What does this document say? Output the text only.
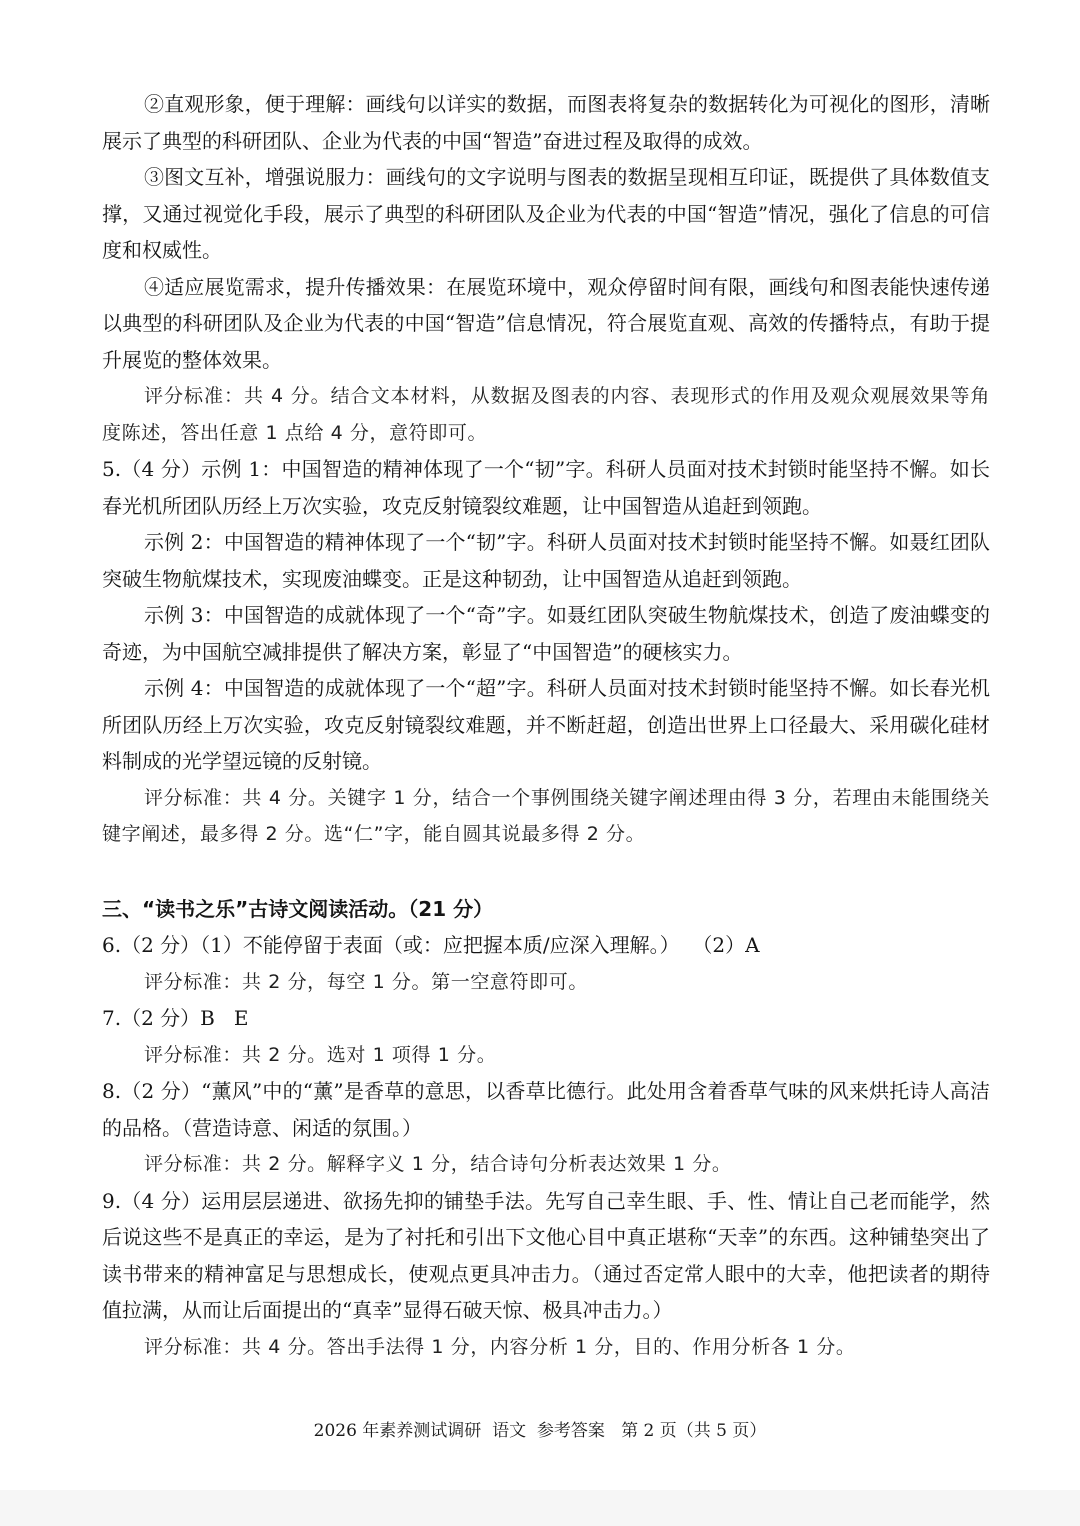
②直观形象，便于理解：画线句以详实的数据，而图表将复杂的数据转化为可视化的图形，清晰展示了典型的科研团队、企业为代表的中国“智造”奋进过程及取得的成效。

③图文互补，增强说服力：画线句的文字说明与图表的数据呈现相互印证，既提供了具体数值支撑，又通过视觉化手段，展示了典型的科研团队及企业为代表的中国“智造”情况，强化了信息的可信度和权威性。

④适应展览需求，提升传播效果：在展览环境中，观众停留时间有限，画线句和图表能快速传递以典型的科研团队及企业为代表的中国“智造”信息情况，符合展览直观、高效的传播特点，有助于提升展览的整体效果。

评分标准：共 4 分。结合文本材料，从数据及图表的内容、表现形式的作用及观众观展效果等角度陈述，答出任意 1 点给 4 分，意符即可。

5.（4 分）示例 1：中国智造的精神体现了一个“韧”字。科研人员面对技术封锁时能坚持不懈。如长春光机所团队历经上万次实验，攻克反射镜裂纹难题，让中国智造从追赶到领跑。

示例 2：中国智造的精神体现了一个“韧”字。科研人员面对技术封锁时能坚持不懈。如聂红团队突破生物航煤技术，实现废油蝶变。正是这种韧劲，让中国智造从追赶到领跑。

示例 3：中国智造的成就体现了一个“奇”字。如聂红团队突破生物航煤技术，创造了废油蝶变的奇迹，为中国航空减排提供了解决方案，彰显了“中国智造”的硬核实力。

示例 4：中国智造的成就体现了一个“超”字。科研人员面对技术封锁时能坚持不懈。如长春光机所团队历经上万次实验，攻克反射镜裂纹难题，并不断赶超，创造出世界上口径最大、采用碳化硅材料制成的光学望远镜的反射镜。

评分标准：共 4 分。关键字 1 分，结合一个事例围绕关键字阐述理由得 3 分，若理由未能围绕关键字阐述，最多得 2 分。选“仁”字，能自圆其说最多得 2 分。

三、“读书之乐”古诗文阅读活动。（21 分）

6.（2 分）（1）不能停留于表面（或：应把握本质/应深入理解。）  （2）A

评分标准：共 2 分，每空 1 分。第一空意符即可。

7.（2 分）B   E

评分标准：共 2 分。选对 1 项得 1 分。

8.（2 分）“薰风”中的“薰”是香草的意思，以香草比德行。此处用含着香草气味的风来烘托诗人高洁的品格。（营造诗意、闲适的氛围。）

评分标准：共 2 分。解释字义 1 分，结合诗句分析表达效果 1 分。

9.（4 分）运用层层递进、欲扬先抑的铺垫手法。先写自己幸生眼、手、性、情让自己老而能学，然后说这些不是真正的幸运，是为了衬托和引出下文他心目中真正堪称“天幸”的东西。这种铺垫突出了读书带来的精神富足与思想成长，使观点更具冲击力。（通过否定常人眼中的大幸，他把读者的期待值拉满，从而让后面提出的“真幸”显得石破天惊、极具冲击力。）

评分标准：共 4 分。答出手法得 1 分，内容分析 1 分，目的、作用分析各 1 分。

2026 年素养测试调研  语文  参考答案   第 2 页（共 5 页）
